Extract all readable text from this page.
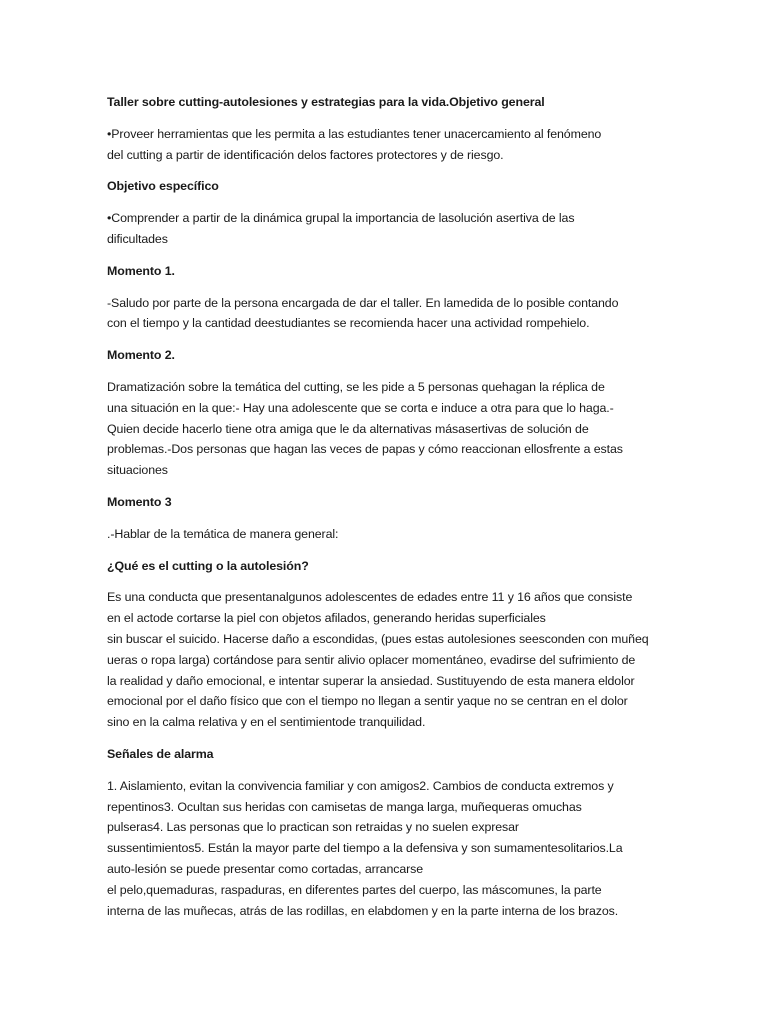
Taller sobre cutting-autolesiones y estrategias para la vida.Objetivo general
•Proveer herramientas que les permita a las estudiantes tener unacercamiento al fenómeno
del cutting a partir de identificación delos factores protectores y de riesgo.
Objetivo específico
•Comprender a partir de la dinámica grupal la importancia de lasolución asertiva de las
dificultades
Momento 1.
-Saludo por parte de la persona encargada de dar el taller. En lamedida de lo posible contando
con el tiempo y la cantidad deestudiantes se recomienda hacer una actividad rompehielo.
Momento 2.
Dramatización sobre la temática del cutting, se les pide a 5 personas quehagan la réplica de
una situación en la que:- Hay una adolescente que se corta e induce a otra para que lo haga.-
Quien decide hacerlo tiene otra amiga que le da alternativas másasertivas de solución de
problemas.-Dos personas que hagan las veces de papas y cómo reaccionan ellosfrente a estas
situaciones
Momento 3
.-Hablar de la temática de manera general:
¿Qué es el cutting o la autolesión?
Es una conducta que presentanalgunos adolescentes de edades entre 11 y 16 años que consiste
en el actode cortarse la piel con objetos afilados, generando heridas superficiales
sin buscar el suicido. Hacerse daño a escondidas, (pues estas autolesiones seesconden con muñeq
ueras o ropa larga) cortándose para sentir alivio oplacer momentáneo, evadirse del sufrimiento de
la realidad y daño emocional, e intentar superar la ansiedad. Sustituyendo de esta manera eldolor
emocional por el daño físico que con el tiempo no llegan a sentir yaque no se centran en el dolor
sino en la calma relativa y en el sentimientode tranquilidad.
Señales de alarma
1. Aislamiento, evitan la convivencia familiar y con amigos2. Cambios de conducta extremos y
repentinos3. Ocultan sus heridas con camisetas de manga larga, muñequeras omuchas
pulseras4. Las personas que lo practican son retraidas y no suelen expresar
sussentimientos5. Están la mayor parte del tiempo a la defensiva y son sumamentesolitarios.La
auto-lesión se puede presentar como cortadas, arrancarse
el pelo,quemaduras, raspaduras, en diferentes partes del cuerpo, las máscomunes, la parte
interna de las muñecas, atrás de las rodillas, en elabdomen y en la parte interna de los brazos.
